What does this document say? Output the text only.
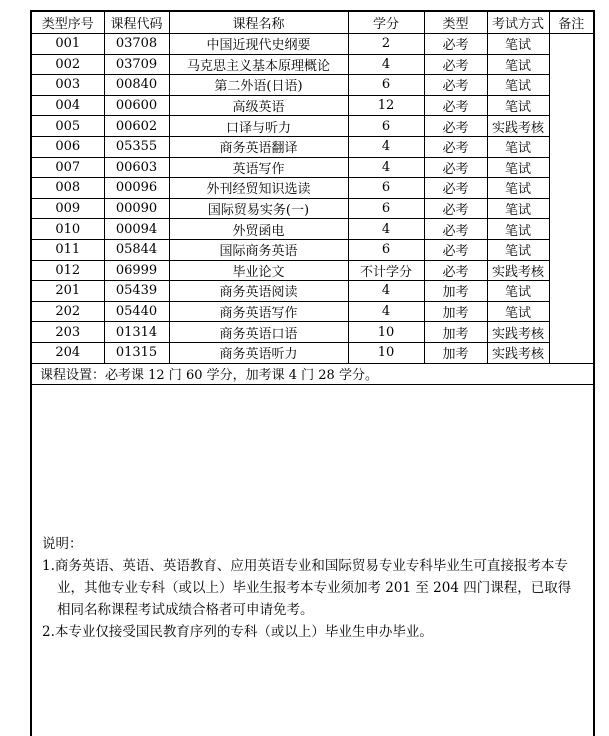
类型序号	课程代码	课程名称	学分	类型	考试方式	备注
001	03708	中国近现代史纲要	2	必考	笔试	
002	03709	马克思主义基本原理概论	4	必考	笔试	
003	00840	第二外语(日语)	6	必考	笔试	
004	00600	高级英语	12	必考	笔试	
005	00602	口译与听力	6	必考	实践考核	
006	05355	商务英语翻译	4	必考	笔试	
007	00603	英语写作	4	必考	笔试	
008	00096	外刊经贸知识选读	6	必考	笔试	
009	00090	国际贸易实务(一)	6	必考	笔试	
010	00094	外贸函电	4	必考	笔试	
011	05844	国际商务英语	6	必考	笔试	
012	06999	毕业论文	不计学分	必考	实践考核	
201	05439	商务英语阅读	4	加考	笔试	
202	05440	商务英语写作	4	加考	笔试	
203	01314	商务英语口语	10	加考	实践考核	
204	01315	商务英语听力	10	加考	实践考核	
课程设置：必考课 12 门 60 学分，加考课 4 门 28 学分。						

说明：
1.商务英语、英语、英语教育、应用英语专业和国际贸易专业专科毕业生可直接报考本专业，其他专业专科（或以上）毕业生报考本专业须加考 201 至 204 四门课程，已取得相同名称课程考试成绩合格者可申请免考。
2.本专业仅接受国民教育序列的专科（或以上）毕业生申办毕业。						
